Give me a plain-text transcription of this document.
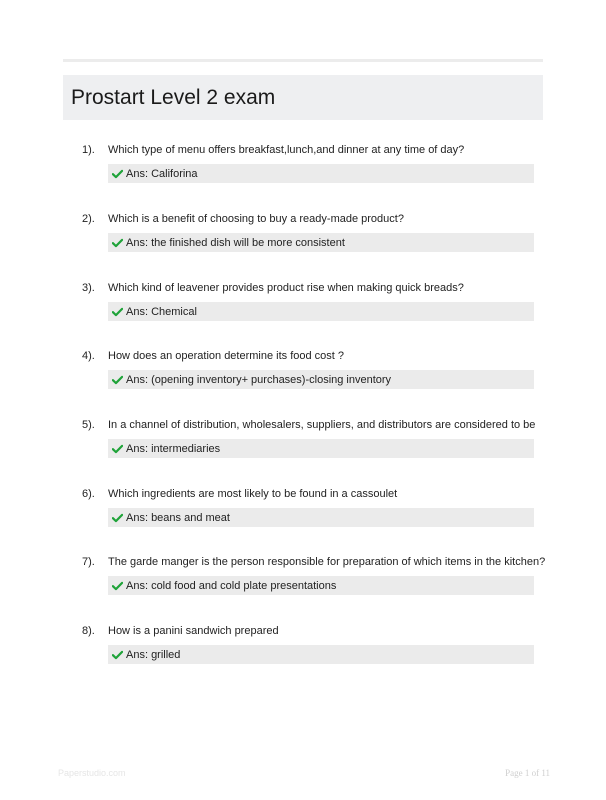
Prostart Level 2 exam
1). Which type of menu offers breakfast,lunch,and dinner at any time of day?
Ans: Califorina
2). Which is a benefit of choosing to buy a ready-made product?
Ans: the finished dish will be more consistent
3). Which kind of leavener provides product rise when making quick breads?
Ans: Chemical
4). How does an operation determine its food cost ?
Ans: (opening inventory+ purchases)-closing inventory
5). In a channel of distribution, wholesalers, suppliers, and distributors are considered to be
Ans: intermediaries
6). Which ingredients are most likely to be found in a cassoulet
Ans: beans and meat
7). The garde manger is the person responsible for preparation of which items in the kitchen?
Ans: cold food and cold plate presentations
8). How is a panini sandwich prepared
Ans: grilled
Paperstudio.com	Page 1 of 11
